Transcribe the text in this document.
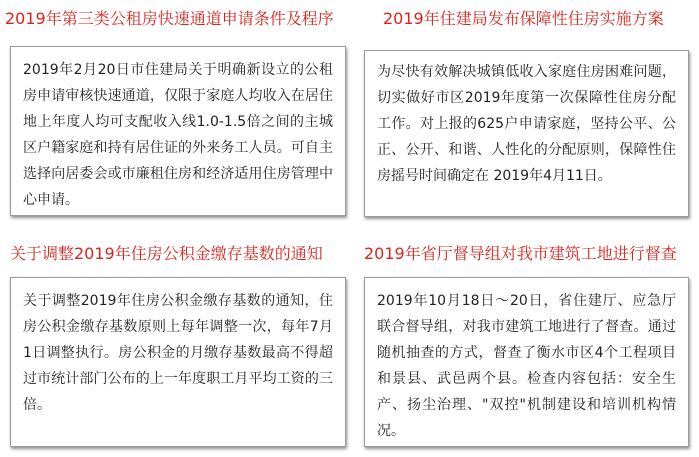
2019年第三类公租房快速通道申请条件及程序

2019年2月20日市住建局关于明确新设立的公租房申请审核快速通道，仅限于家庭人均收入在居住地上年度人均可支配收入线1.0-1.5倍之间的主城区户籍家庭和持有居住证的外来务工人员。可自主选择向居委会或市廉租住房和经济适用住房管理中心申请。

2019年住建局发布保障性住房实施方案

为尽快有效解决城镇低收入家庭住房困难问题，切实做好市区2019年度第一次保障性住房分配工作。对上报的625户申请家庭，坚持公平、公正、公开、和谐、人性化的分配原则，保障性住房摇号时间确定在 2019年4月11日。

关于调整2019年住房公积金缴存基数的通知

关于调整2019年住房公积金缴存基数的通知，住房公积金缴存基数原则上每年调整一次，每年7月1日调整执行。房公积金的月缴存基数最高不得超过市统计部门公布的上一年度职工月平均工资的三倍。

2019年省厅督导组对我市建筑工地进行督查

2019年10月18日～20日，省住建厅、应急厅联合督导组，对我市建筑工地进行了督查。通过随机抽查的方式，督查了衡水市区4个工程项目和景县、武邑两个县。检查内容包括：安全生产、扬尘治理、"双控"机制建设和培训机构情况。
